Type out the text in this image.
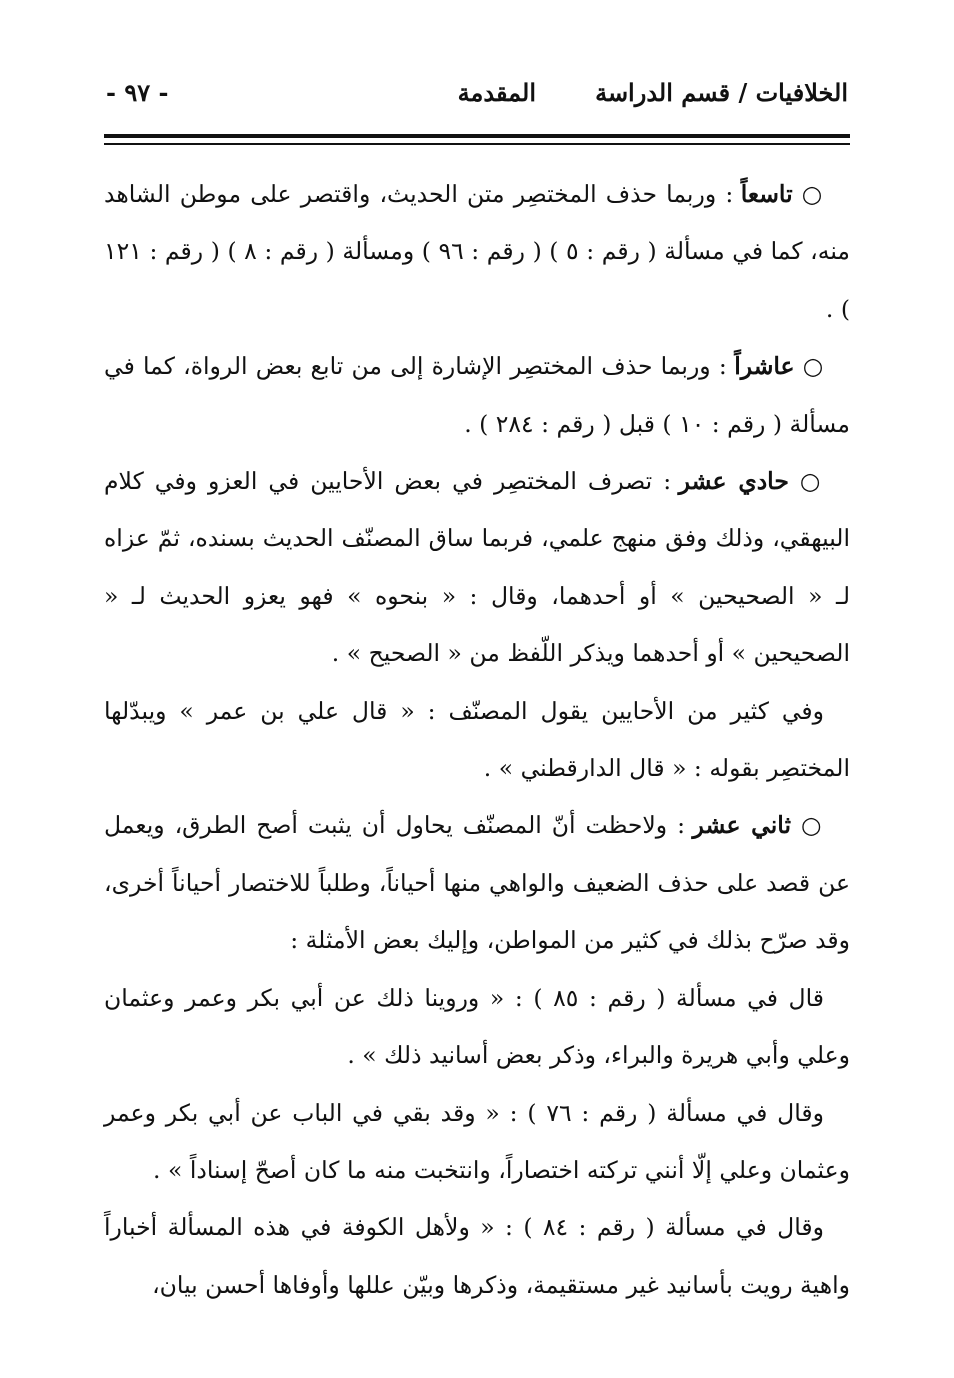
الخلافيات / قسم الدراسة
المقدمة
- ٩٧ -

○ تاسعاً : وربما حذف المختصِر متن الحديث، واقتصر على موطن الشاهد منه، كما في مسألة ( رقم : ٥ ) ( رقم : ٩٦ ) ومسألة ( رقم : ٨ ) ( رقم : ١٢١ ) .

○ عاشراً : وربما حذف المختصِر الإشارة إلى من تابع بعض الرواة، كما في مسألة ( رقم : ١٠ ) قبل ( رقم : ٢٨٤ ) .

○ حادي عشر : تصرف المختصِر في بعض الأحايين في العزو وفي كلام البيهقي، وذلك وفق منهج علمي، فربما ساق المصنّف الحديث بسنده، ثمّ عزاه لـ « الصحيحين » أو أحدهما، وقال : « بنحوه » فهو يعزو الحديث لـ « الصحيحين » أو أحدهما ويذكر اللّفظ من « الصحيح » .

وفي كثير من الأحايين يقول المصنّف : « قال علي بن عمر » ويبدّلها المختصِر بقوله : « قال الدارقطني » .

○ ثاني عشر : ولاحظت أنّ المصنّف يحاول أن يثبت أصح الطرق، ويعمل عن قصد على حذف الضعيف والواهي منها أحياناً، وطلباً للاختصار أحياناً أخرى، وقد صرّح بذلك في كثير من المواطن، وإليك بعض الأمثلة :

قال في مسألة ( رقم : ٨٥ ) : « وروينا ذلك عن أبي بكر وعمر وعثمان وعلي وأبي هريرة والبراء، وذكر بعض أسانيد ذلك » .

وقال في مسألة ( رقم : ٧٦ ) : « وقد بقي في الباب عن أبي بكر وعمر وعثمان وعلي إلّا أنني تركته اختصاراً، وانتخبت منه ما كان أصحّ إسناداً » .

وقال في مسألة ( رقم : ٨٤ ) : « ولأهل الكوفة في هذه المسألة أخباراً واهية رويت بأسانيد غير مستقيمة، وذكرها وبيّن عللها وأوفاها أحسن بيان،
